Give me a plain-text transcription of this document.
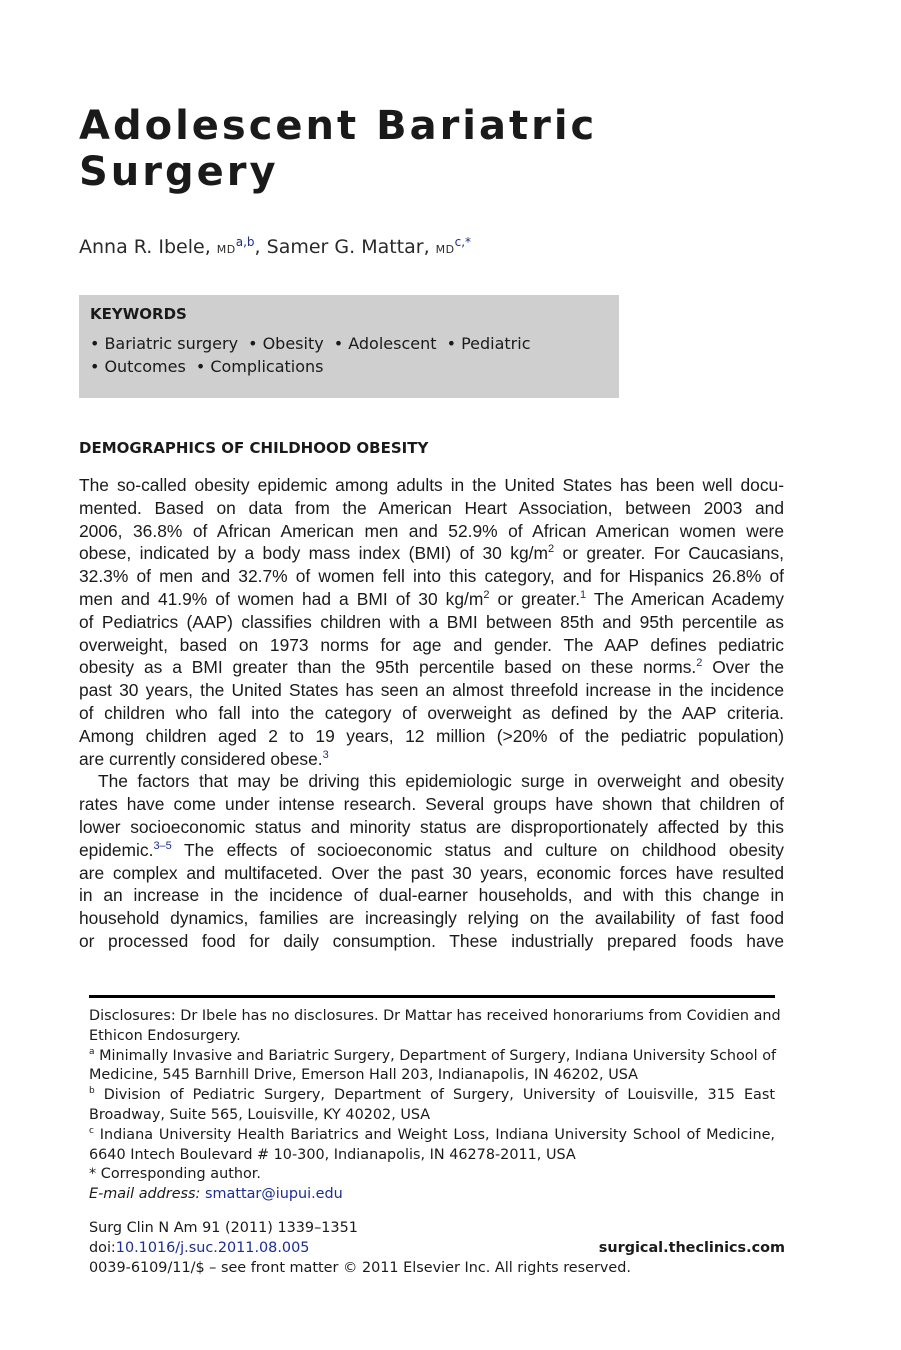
Adolescent Bariatric
Surgery
Anna R. Ibele, MD$^{a,b}$, Samer G. Mattar, $MD^{c,*}$
KEYWORDS
• Bariatric surgery • Obesity • Adolescent • Pediatric
• Outcomes • Complications
DEMOGRAPHICS OF CHILDHOOD OBESITY
The so-called obesity epidemic among adults in the United States has been well docu-
mented. Based on data from the American Heart Association, between 2003 and
2006, 36.8% of African American men and 52.9% of African American women were
obese, indicated by a body mass index (BMI) of 30 $kg/m^2$ or greater. For Caucasians,
32.3% of men and 32.7% of women fell into this category, and for Hispanics 26.8% of
men and 41.9% of women had a BMI of 30 $kg/m^2$ or greater.$^1$ The American Academy
of Pediatrics (AAP) classifies children with a BMI between 85th and 95th percentile as
overweight, based on 1973 norms for age and gender. The AAP defines pediatric
obesity as a BMI greater than the 95th percentile based on these norms.$^2$ Over the
past 30 years, the United States has seen an almost threefold increase in the incidence
of children who fall into the category of overweight as defined by the AAP criteria.
Among children aged 2 to 19 years, 12 million (>20% of the pediatric population)
are currently considered obese.$^3$
The factors that may be driving this epidemiologic surge in overweight and obesity
rates have come under intense research. Several groups have shown that children of
lower socioeconomic status and minority status are disproportionately affected by this
epidemic.$^{3-5}$ The effects of socioeconomic status and culture on childhood obesity
are complex and multifaceted. Over the past 30 years, economic forces have resulted
in an increase in the incidence of dual-earner households, and with this change in
household dynamics, families are increasingly relying on the availability of fast food
or processed food for daily consumption. These industrially prepared foods have
Disclosures: Dr Ibele has no disclosures. Dr Mattar has received honorariums from Covidien and
Ethicon Endosurgery.
$^a$ Minimally Invasive and Bariatric Surgery, Department of Surgery, Indiana University School of
Medicine, 545 Barnhill Drive, Emerson Hall 203, Indianapolis, IN 46202, USA
$^b$ Division of Pediatric Surgery, Department of Surgery, University of Louisville, 315 East
Broadway, Suite 565, Louisville, KY 40202, USA
$^c$ Indiana University Health Bariatrics and Weight Loss, Indiana University School of Medicine,
6640 Intech Boulevard # 10-300, Indianapolis, IN 46278-2011, USA
* Corresponding author.
E-mail address: smattar@iupui.edu
Surg Clin N Am 91 (2011) 1339–1351
doi:10.1016/j.suc.2011.08.005	surgical.theclinics.com
0039-6109/11/$ – see front matter © 2011 Elsevier Inc. All rights reserved.
